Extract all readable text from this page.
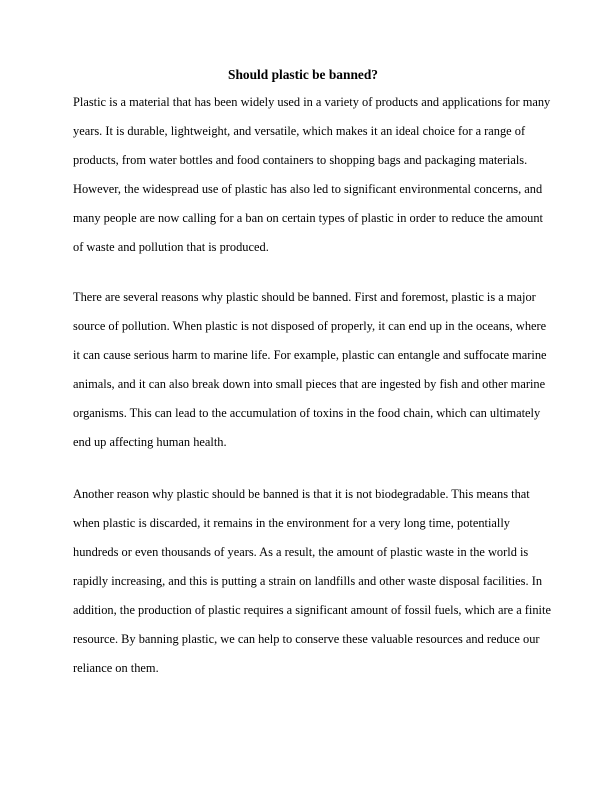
Should plastic be banned?

Plastic is a material that has been widely used in a variety of products and applications for many
years. It is durable, lightweight, and versatile, which makes it an ideal choice for a range of
products, from water bottles and food containers to shopping bags and packaging materials.
However, the widespread use of plastic has also led to significant environmental concerns, and
many people are now calling for a ban on certain types of plastic in order to reduce the amount
of waste and pollution that is produced.

There are several reasons why plastic should be banned. First and foremost, plastic is a major
source of pollution. When plastic is not disposed of properly, it can end up in the oceans, where
it can cause serious harm to marine life. For example, plastic can entangle and suffocate marine
animals, and it can also break down into small pieces that are ingested by fish and other marine
organisms. This can lead to the accumulation of toxins in the food chain, which can ultimately
end up affecting human health.

Another reason why plastic should be banned is that it is not biodegradable. This means that
when plastic is discarded, it remains in the environment for a very long time, potentially
hundreds or even thousands of years. As a result, the amount of plastic waste in the world is
rapidly increasing, and this is putting a strain on landfills and other waste disposal facilities. In
addition, the production of plastic requires a significant amount of fossil fuels, which are a finite
resource. By banning plastic, we can help to conserve these valuable resources and reduce our
reliance on them.
